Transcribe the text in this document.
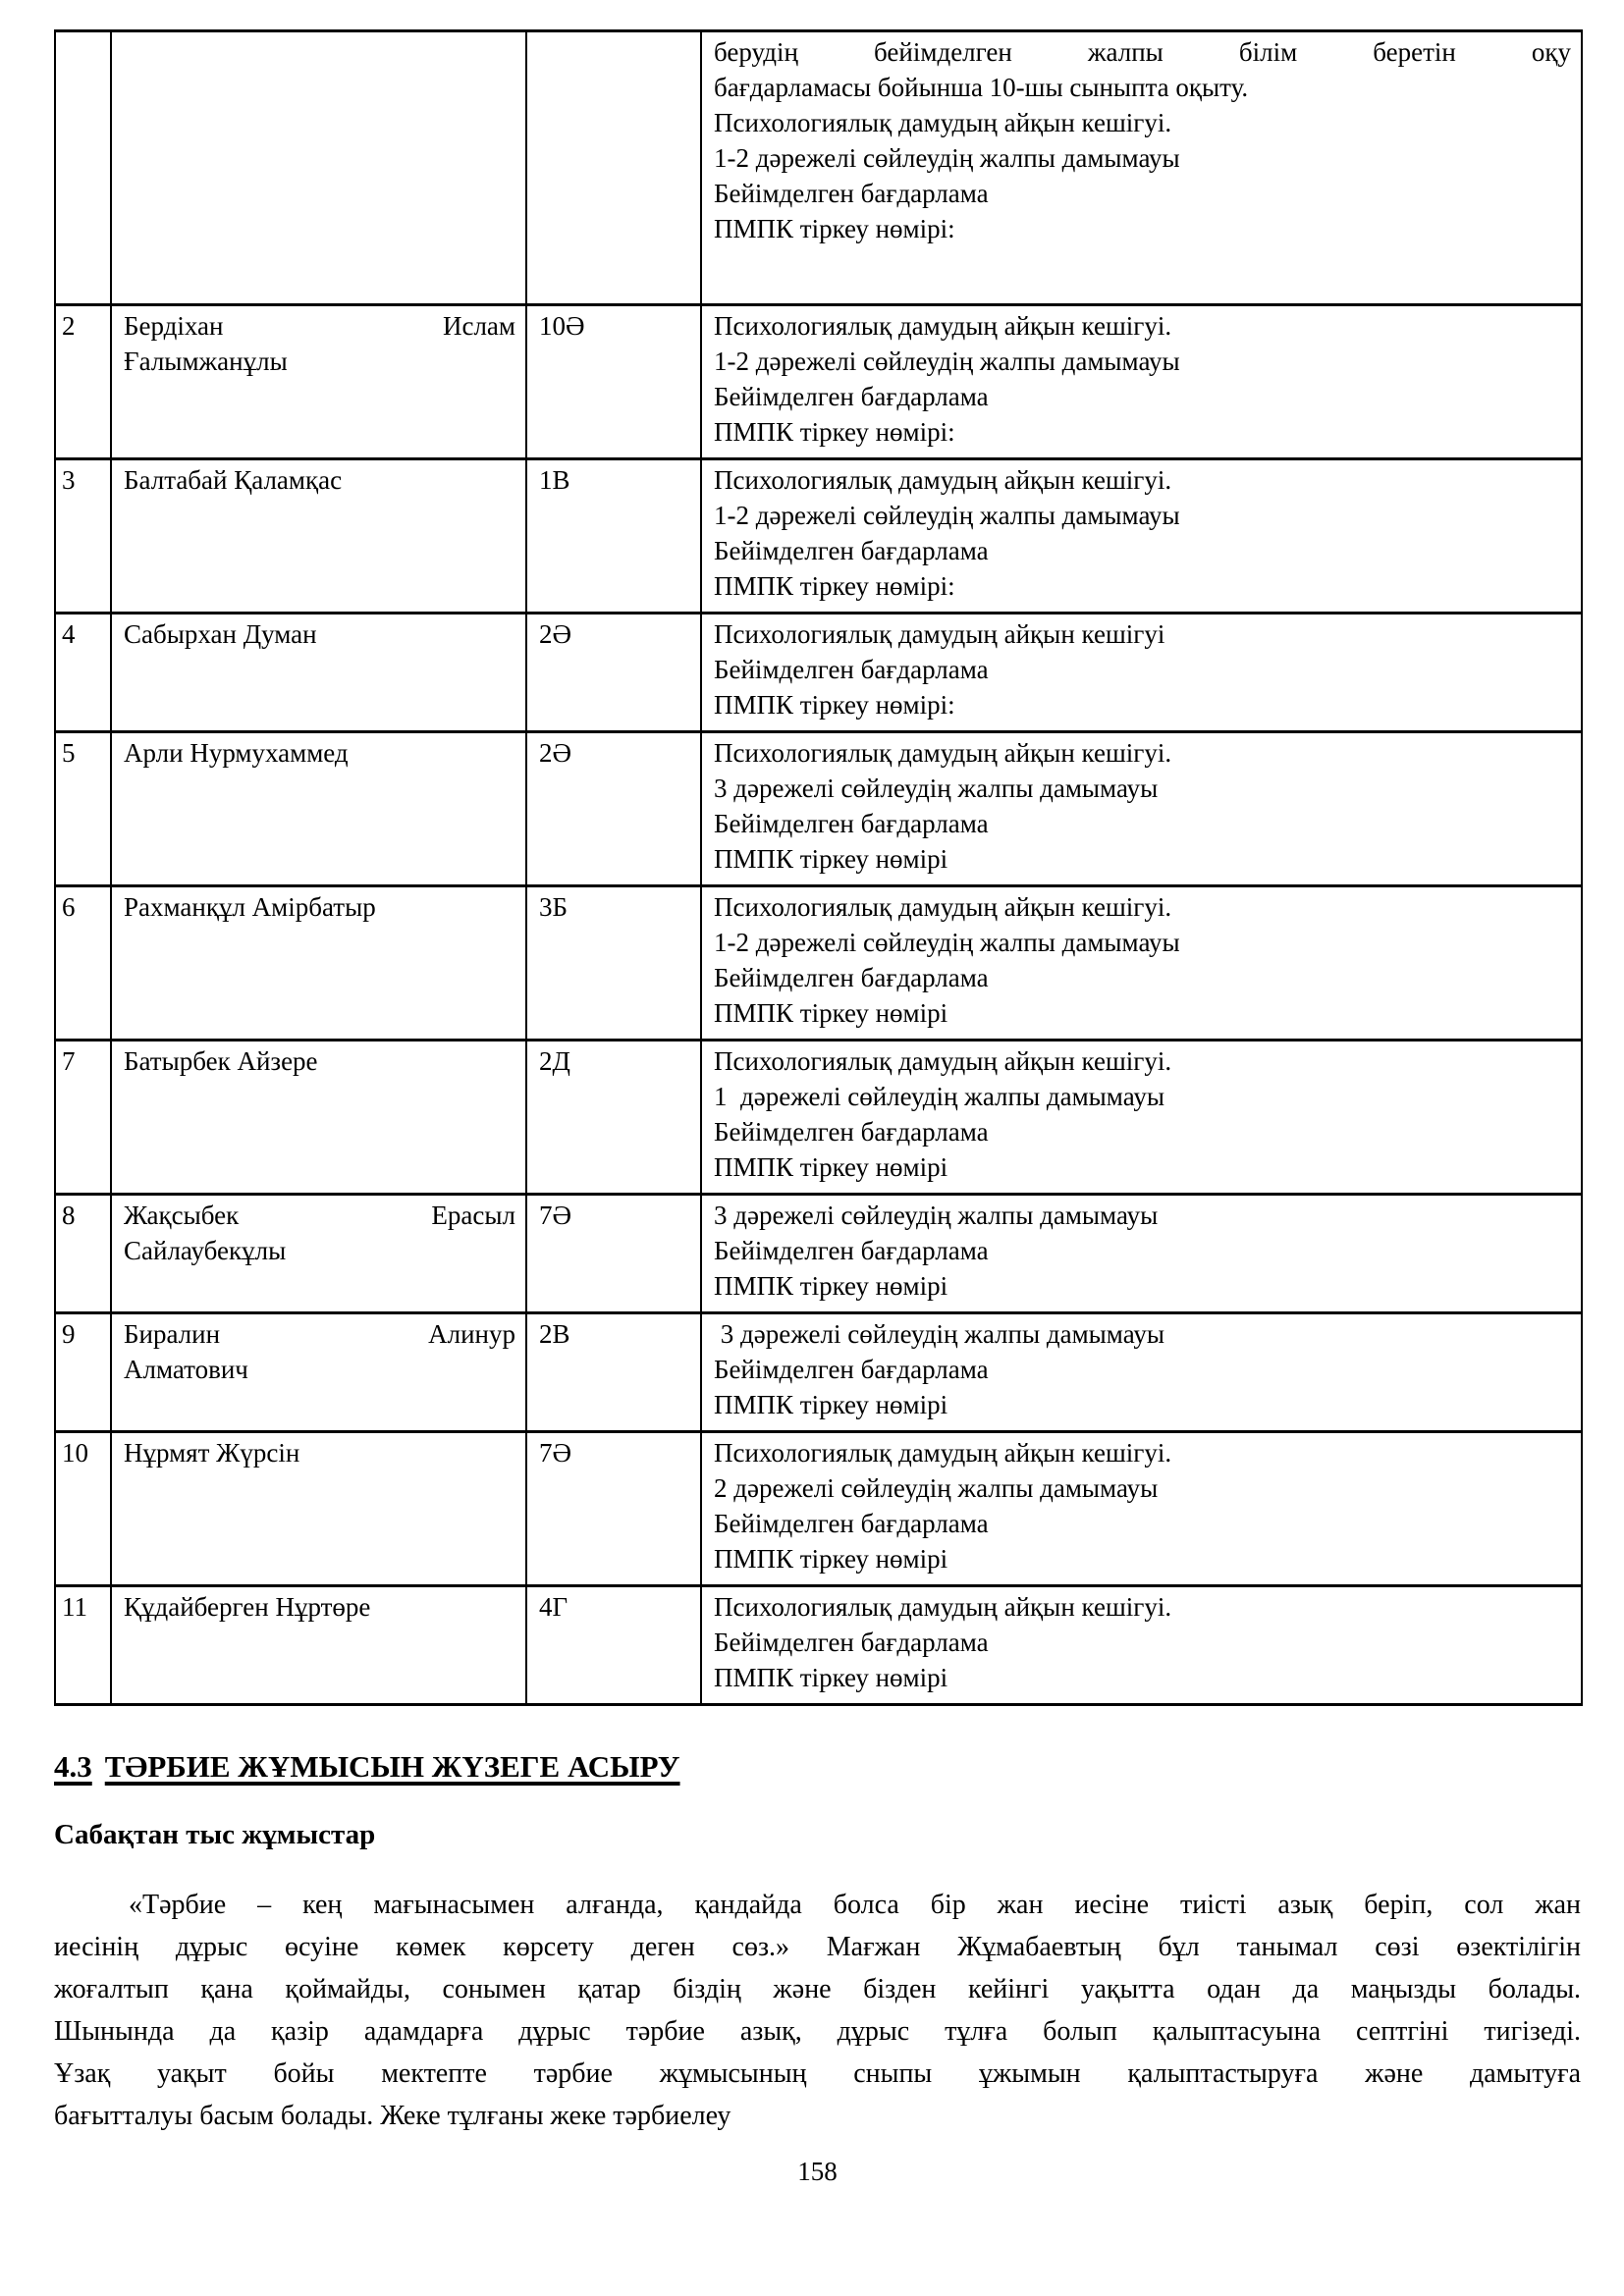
берудің бейімделген жалпы білім беретін оқу
бағдарламасы бойынша 10-шы сыныпта оқыту.
Психологиялық дамудың айқын кешігуі.
1-2 дәрежелі сөйлеудің жалпы дамымауы
Бейімделген бағдарлама
ПМПК тіркеу нөмірі:

2	Бердіхан Ислам
Ғалымжанұлы
	10Ә	Психологиялық дамудың айқын кешігуі.
1-2 дәрежелі сөйлеудің жалпы дамымауы
Бейімделген бағдарлама
ПМПК тіркеу нөмірі:

3	Балтабай Қаламқас	1В	Психологиялық дамудың айқын кешігуі.
1-2 дәрежелі сөйлеудің жалпы дамымауы
Бейімделген бағдарлама
ПМПК тіркеу нөмірі:

4	Сабырхан Думан	2Ә	Психологиялық дамудың айқын кешігуі
Бейімделген бағдарлама
ПМПК тіркеу нөмірі:

5	Арли Нурмухаммед	2Ә	Психологиялық дамудың айқын кешігуі.
3 дәрежелі сөйлеудің жалпы дамымауы
Бейімделген бағдарлама
ПМПК тіркеу нөмірі

6	Рахманқұл Амірбатыр	3Б	Психологиялық дамудың айқын кешігуі.
1-2 дәрежелі сөйлеудің жалпы дамымауы
Бейімделген бағдарлама
ПМПК тіркеу нөмірі

7	Батырбек Айзере	2Д	Психологиялық дамудың айқын кешігуі.
1  дәрежелі сөйлеудің жалпы дамымауы
Бейімделген бағдарлама
ПМПК тіркеу нөмірі

8	Жақсыбек Ерасыл
Сайлаубекұлы
	7Ә	3 дәрежелі сөйлеудің жалпы дамымауы
Бейімделген бағдарлама
ПМПК тіркеу нөмірі

9	Биралин Алинур
Алматович
	2В	3 дәрежелі сөйлеудің жалпы дамымауы
Бейімделген бағдарлама
ПМПК тіркеу нөмірі

10	Нұрмят Жүрсін	7Ә	Психологиялық дамудың айқын кешігуі.
2 дәрежелі сөйлеудің жалпы дамымауы
Бейімделген бағдарлама
ПМПК тіркеу нөмірі

11	Құдайберген Нұртөре	4Г	Психологиялық дамудың айқын кешігуі.
Бейімделген бағдарлама
ПМПК тіркеу нөмірі
4.3 ТӘРБИЕ ЖҰМЫСЫН ЖҮЗЕГЕ АСЫРУ
Сабақтан тыс жұмыстар
«Тәрбие – кең мағынасымен алғанда, қандайда болса бір жан иесіне тиісті азық беріп, сол жан
иесінің дұрыс өсуіне көмек көрсету деген сөз.» Мағжан Жұмабаевтың бұл танымал сөзі өзектілігін
жоғалтып қана қоймайды, сонымен қатар біздің және бізден кейінгі уақытта одан да маңызды болады.
Шынында да қазір адамдарға дұрыс тәрбие азық, дұрыс тұлға болып қалыптасуына септгіні тигізеді.
Ұзақ уақыт бойы мектепте тәрбие жұмысының сныпы ұжымын қалыптастыруға және дамытуға
бағытталуы басым болады. Жеке тұлғаны жеке тәрбиелеу
158
